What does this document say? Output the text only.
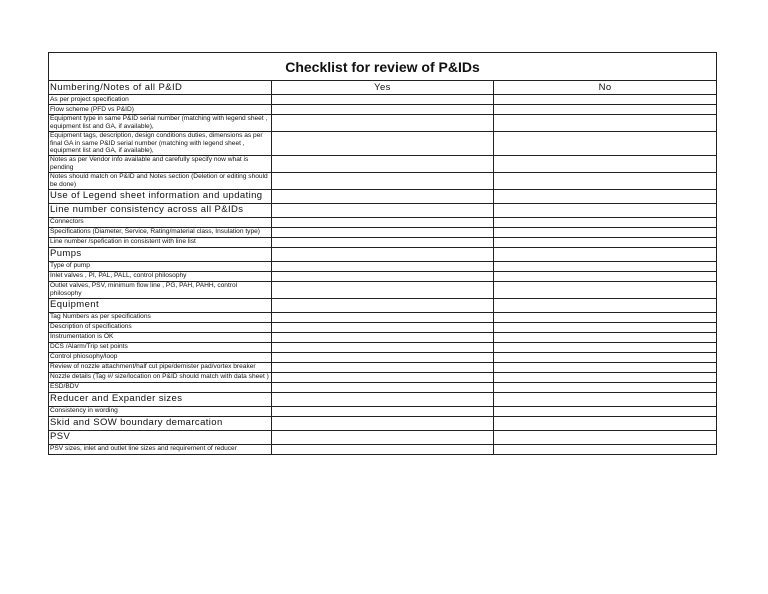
Checklist for review of P&IDs		
Numbering/Notes of all P&ID	Yes	No
As per project specification		
Flow scheme (PFD vs P&ID)		
Equipment type in same P&ID serial number (matching with legend sheet , equipment list and GA, if available),		
Equipment tags, description, design conditions duties, dimensions as per final GA in same P&ID serial number (matching with legend sheet , equipment list and GA, if available),		
Notes as per Vendor info available and carefully specify now what is pending		
Notes should match on P&ID and Notes section (Deletion or editing should be done)		
Use of Legend sheet information and updating		
Line number consistency across all P&IDs		
Connectors		
Specifications (Diameter, Service, Rating/material class, Insulation type)		
Line number /spefication in consistent with line list		
Pumps		
Type of pump		
Inlet valves , PI, PAL, PALL, control philosophy		
Outlet valves, PSV, minimum flow line , PG, PAH, PAHH, control philosophy		
Equipment		
Tag Numbers as per specifications		
Description of specifications		
Instrumentation is OK		
DCS /Alarm/Trip set points		
Control phiosophy/loop		
Review of nozzle attachment/half cut pipe/demister pad/vortex breaker		
Nozzle details (Tag #/ size/location on P&ID should match with data sheet )		
ESD/BDV		
Reducer and Expander sizes		
Consistency in wording		
Skid and SOW boundary demarcation		
PSV		
PSV sizes, inlet and outlet line sizes and requirement of reducer		
